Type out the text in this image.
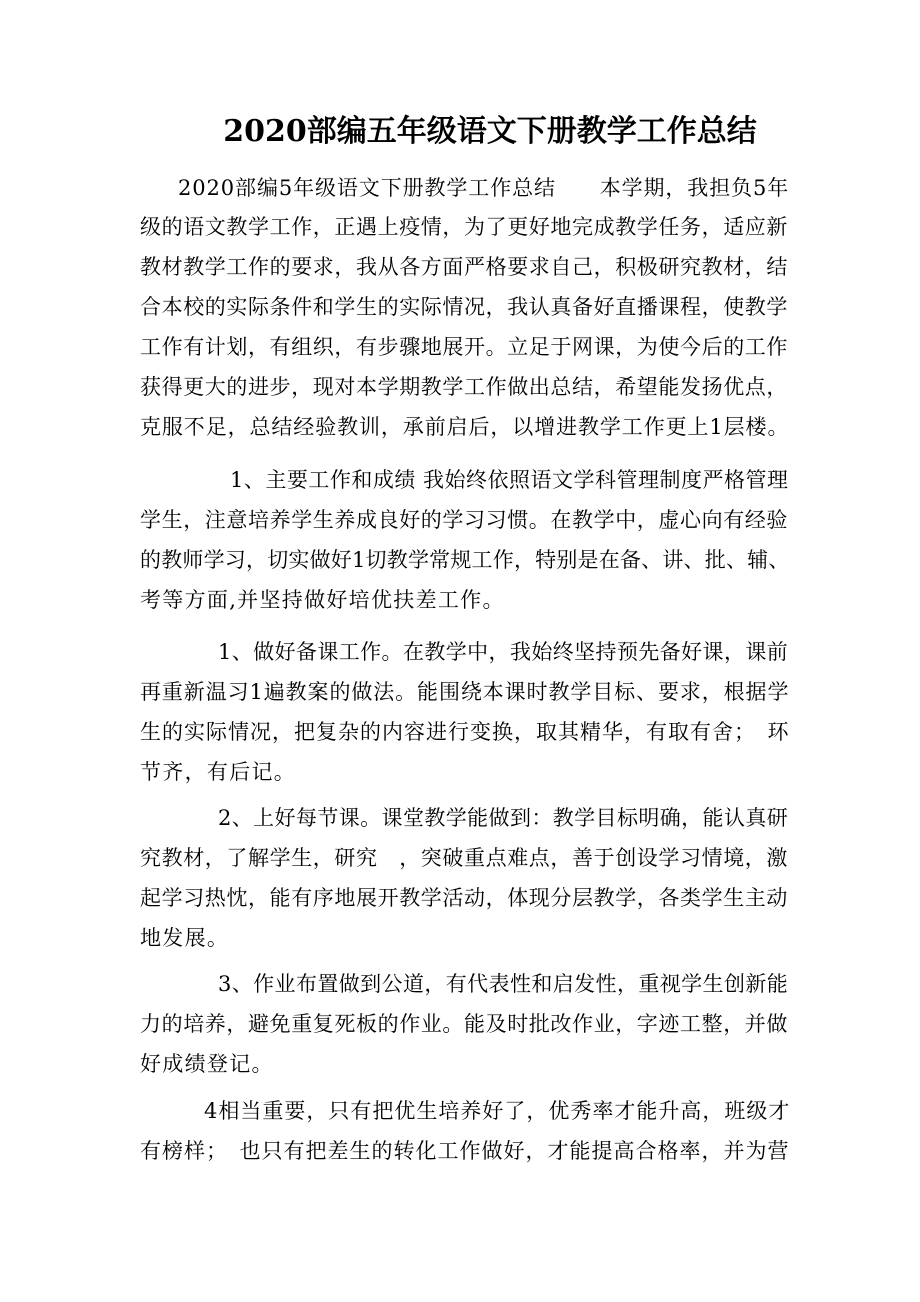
2020部编五年级语文下册教学工作总结
2020部编5年级语文下册教学工作总结　　本学期，我担负5年
级的语文教学工作，正遇上疫情，为了更好地完成教学任务，适应新
教材教学工作的要求，我从各方面严格要求自己，积极研究教材，结
合本校的实际条件和学生的实际情况，我认真备好直播课程，使教学
工作有计划，有组织，有步骤地展开。立足于网课，为使今后的工作
获得更大的进步，现对本学期教学工作做出总结，希望能发扬优点，
克服不足，总结经验教训，承前启后，以增进教学工作更上1层楼。
1、主要工作和成绩 我始终依照语文学科管理制度严格管理
学生，注意培养学生养成良好的学习习惯。在教学中，虚心向有经验
的教师学习，切实做好1切教学常规工作，特别是在备、讲、批、辅、
考等方面,并坚持做好培优扶差工作。
1、做好备课工作。在教学中，我始终坚持预先备好课，课前
再重新温习1遍教案的做法。能围绕本课时教学目标、要求，根据学
生的实际情况，把复杂的内容进行变换，取其精华，有取有舍；　环
节齐，有后记。
2、上好每节课。课堂教学能做到：教学目标明确，能认真研
究教材，了解学生，研究　，突破重点难点，善于创设学习情境，激
起学习热忱，能有序地展开教学活动，体现分层教学，各类学生主动
地发展。
3、作业布置做到公道，有代表性和启发性，重视学生创新能
力的培养，避免重复死板的作业。能及时批改作业，字迹工整，并做
好成绩登记。
4相当重要，只有把优生培养好了，优秀率才能升高，班级才
有榜样；　也只有把差生的转化工作做好，才能提高合格率，并为营
